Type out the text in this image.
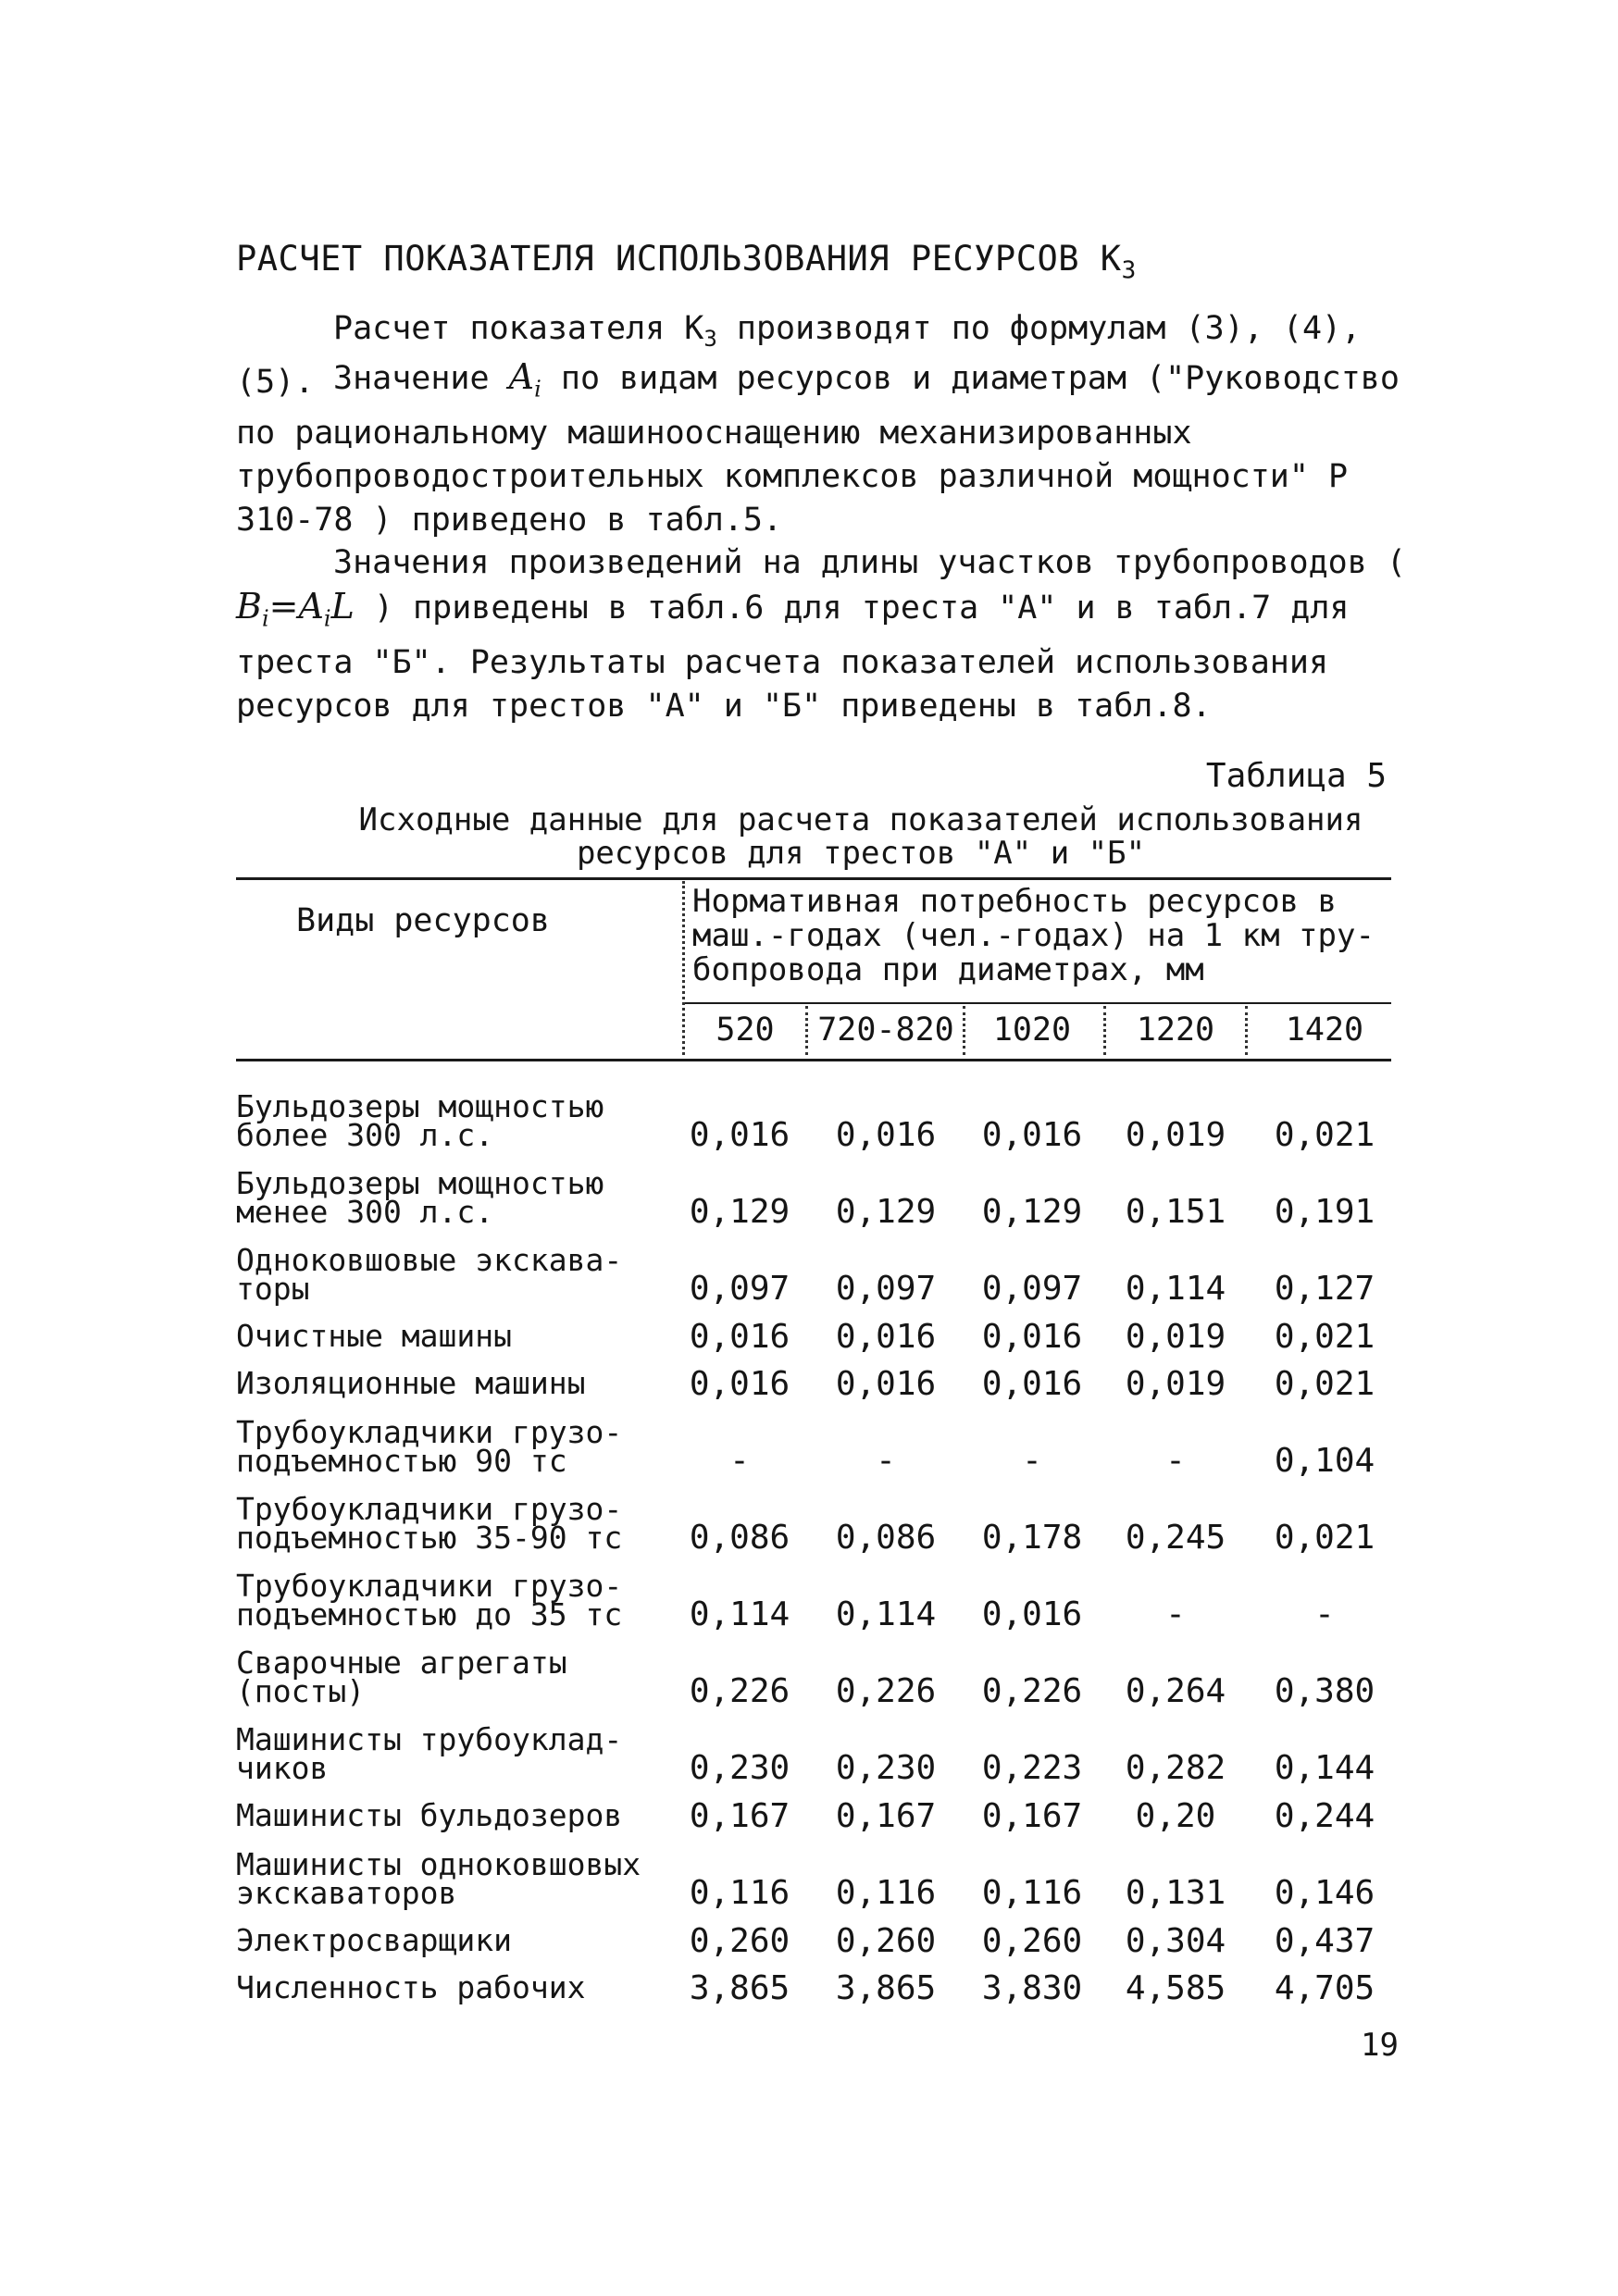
РАСЧЕТ ПОКАЗАТЕЛЯ ИСПОЛЬЗОВАНИЯ РЕСУРСОВ $К_3$

Расчет показателя $К_3$ производят по формулам (3), (4),(5). Значение $A_i$ по видам ресурсов и диаметрам ("Руководство по рациональному машинооснащению механизированных трубопроводостроительных комплексов различной мощности" Р 310-78 ) приведено в табл.5.

Значения произведений на длины участков трубопроводов ( $B_i=A_iL$ ) приведены в табл.6 для треста "А" и в табл.7 для треста "Б". Результаты расчета показателей использования ресурсов для трестов "А" и "Б" приведены в табл.8.

Таблица 5
Исходные данные для расчета показателей использования
ресурсов для трестов "А" и "Б"
Виды ресурсов
Нормативная потребность ресурсов в
маш.-годах (чел.-годах) на 1 км тру-
бопровода при диаметрах, мм
520	720-820	1020	1220	1420
Бульдозеры мощностью
более 300 л.с.	0,016	0,016	0,016	0,019	0,021
Бульдозеры мощностью
менее 300 л.с.	0,129	0,129	0,129	0,151	0,191
Одноковшовые экскава-
торы	0,097	0,097	0,097	0,114	0,127
Очистные машины	0,016	0,016	0,016	0,019	0,021
Изоляционные машины	0,016	0,016	0,016	0,019	0,021
Трубоукладчики грузо-
подъемностью 90 тс	-	-	-	-	0,104
Трубоукладчики грузо-
подъемностью 35-90 тс	0,086	0,086	0,178	0,245	0,021
Трубоукладчики грузо-
подъемностью до 35 тс	0,114	0,114	0,016	-	-
Сварочные агрегаты
(посты)	0,226	0,226	0,226	0,264	0,380
Машинисты трубоуклад-
чиков	0,230	0,230	0,223	0,282	0,144
Машинисты бульдозеров	0,167	0,167	0,167	0,20	0,244
Машинисты одноковшовых
экскаваторов	0,116	0,116	0,116	0,131	0,146
Электросварщики	0,260	0,260	0,260	0,304	0,437
Численность рабочих	3,865	3,865	3,830	4,585	4,705
19
